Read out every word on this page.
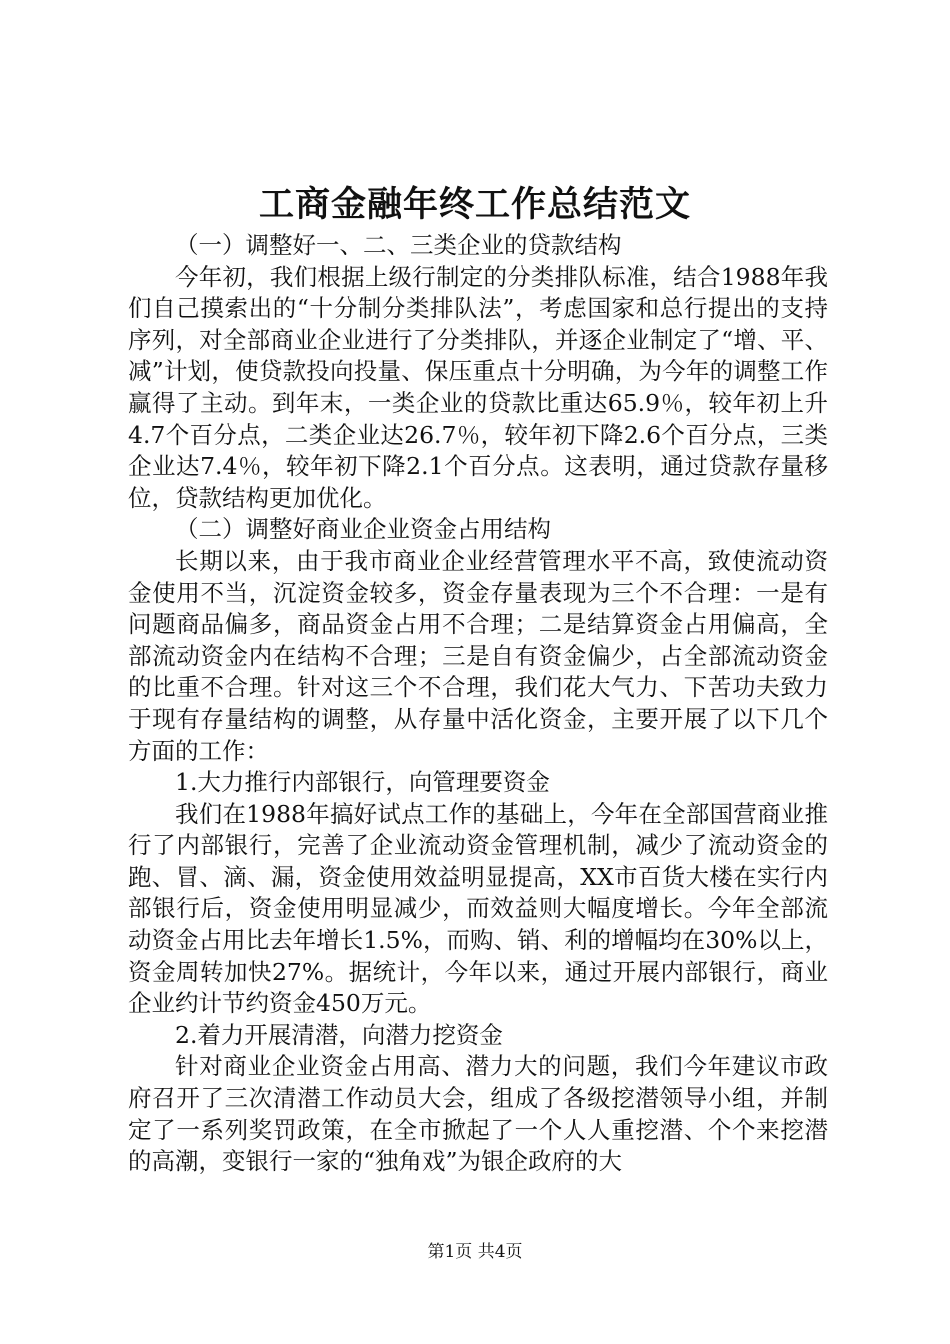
工商金融年终工作总结范文

（一）调整好一、二、三类企业的贷款结构

今年初，我们根据上级行制定的分类排队标准，结合1988年我们自己摸索出的“十分制分类排队法”，考虑国家和总行提出的支持序列，对全部商业企业进行了分类排队，并逐企业制定了“增、平、减”计划，使贷款投向投量、保压重点十分明确，为今年的调整工作赢得了主动。到年末，一类企业的贷款比重达65.9％，较年初上升4.7个百分点，二类企业达26.7％，较年初下降2.6个百分点，三类企业达7.4％，较年初下降2.1个百分点。这表明，通过贷款存量移位，贷款结构更加优化。

（二）调整好商业企业资金占用结构

长期以来，由于我市商业企业经营管理水平不高，致使流动资金使用不当，沉淀资金较多，资金存量表现为三个不合理：一是有问题商品偏多，商品资金占用不合理；二是结算资金占用偏高，全部流动资金内在结构不合理；三是自有资金偏少，占全部流动资金的比重不合理。针对这三个不合理，我们花大气力、下苦功夫致力于现有存量结构的调整，从存量中活化资金，主要开展了以下几个方面的工作：

1.大力推行内部银行，向管理要资金

我们在1988年搞好试点工作的基础上，今年在全部国营商业推行了内部银行，完善了企业流动资金管理机制，减少了流动资金的跑、冒、滴、漏，资金使用效益明显提高，XX市百货大楼在实行内部银行后，资金使用明显减少，而效益则大幅度增长。今年全部流动资金占用比去年增长1.5%，而购、销、利的增幅均在30%以上，资金周转加快27%。据统计，今年以来，通过开展内部银行，商业企业约计节约资金450万元。

2.着力开展清潜，向潜力挖资金

针对商业企业资金占用高、潜力大的问题，我们今年建议市政府召开了三次清潜工作动员大会，组成了各级挖潜领导小组，并制定了一系列奖罚政策，在全市掀起了一个人人重挖潜、个个来挖潜的高潮，变银行一家的“独角戏”为银企政府的大

第1页 共4页
